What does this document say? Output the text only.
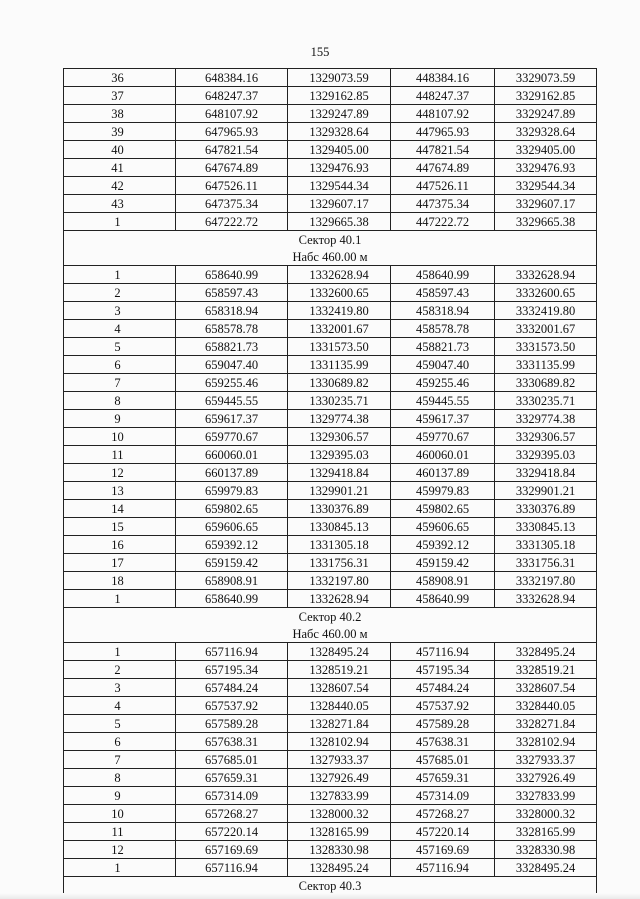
155
36	648384.16	1329073.59	448384.16	3329073.59
37	648247.37	1329162.85	448247.37	3329162.85
38	648107.92	1329247.89	448107.92	3329247.89
39	647965.93	1329328.64	447965.93	3329328.64
40	647821.54	1329405.00	447821.54	3329405.00
41	647674.89	1329476.93	447674.89	3329476.93
42	647526.11	1329544.34	447526.11	3329544.34
43	647375.34	1329607.17	447375.34	3329607.17
1	647222.72	1329665.38	447222.72	3329665.38
Сектор 40.1				
Набс 460.00 м				
1	658640.99	1332628.94	458640.99	3332628.94
2	658597.43	1332600.65	458597.43	3332600.65
3	658318.94	1332419.80	458318.94	3332419.80
4	658578.78	1332001.67	458578.78	3332001.67
5	658821.73	1331573.50	458821.73	3331573.50
6	659047.40	1331135.99	459047.40	3331135.99
7	659255.46	1330689.82	459255.46	3330689.82
8	659445.55	1330235.71	459445.55	3330235.71
9	659617.37	1329774.38	459617.37	3329774.38
10	659770.67	1329306.57	459770.67	3329306.57
11	660060.01	1329395.03	460060.01	3329395.03
12	660137.89	1329418.84	460137.89	3329418.84
13	659979.83	1329901.21	459979.83	3329901.21
14	659802.65	1330376.89	459802.65	3330376.89
15	659606.65	1330845.13	459606.65	3330845.13
16	659392.12	1331305.18	459392.12	3331305.18
17	659159.42	1331756.31	459159.42	3331756.31
18	658908.91	1332197.80	458908.91	3332197.80
1	658640.99	1332628.94	458640.99	3332628.94
Сектор 40.2				
Набс 460.00 м				
1	657116.94	1328495.24	457116.94	3328495.24
2	657195.34	1328519.21	457195.34	3328519.21
3	657484.24	1328607.54	457484.24	3328607.54
4	657537.92	1328440.05	457537.92	3328440.05
5	657589.28	1328271.84	457589.28	3328271.84
6	657638.31	1328102.94	457638.31	3328102.94
7	657685.01	1327933.37	457685.01	3327933.37
8	657659.31	1327926.49	457659.31	3327926.49
9	657314.09	1327833.99	457314.09	3327833.99
10	657268.27	1328000.32	457268.27	3328000.32
11	657220.14	1328165.99	457220.14	3328165.99
12	657169.69	1328330.98	457169.69	3328330.98
1	657116.94	1328495.24	457116.94	3328495.24
Сектор 40.3				
